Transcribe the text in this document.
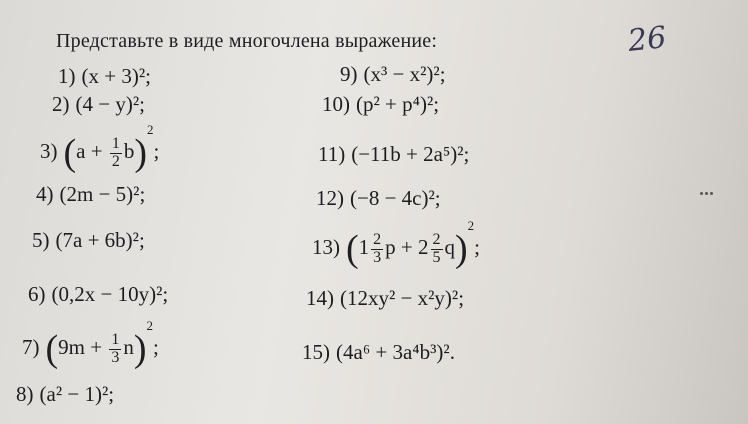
Представьте в виде многочлена выражение:	26
1) (x + 3)²;
2) (4 − y)²;
3) $(a + \frac{1}{2} b)^2$;
4) (2m − 5)²;
5) (7a + 6b)²;
6) (0,2x − 10y)²;
7) $(9m + \frac{1}{3} n)^2$;
8) (a² − 1)²;
9) (x³ − x²)²;
10) (p² + p⁴)²;
11) (−11b + 2a⁵)²;
12) (−8 − 4c)²;
13) ($1 \frac{2}{3}$ $p + 2 \frac{2}{5} q)^2$;
14) (12xy² − x²y)²;
15) (4a⁶ + 3a⁴b³)².
